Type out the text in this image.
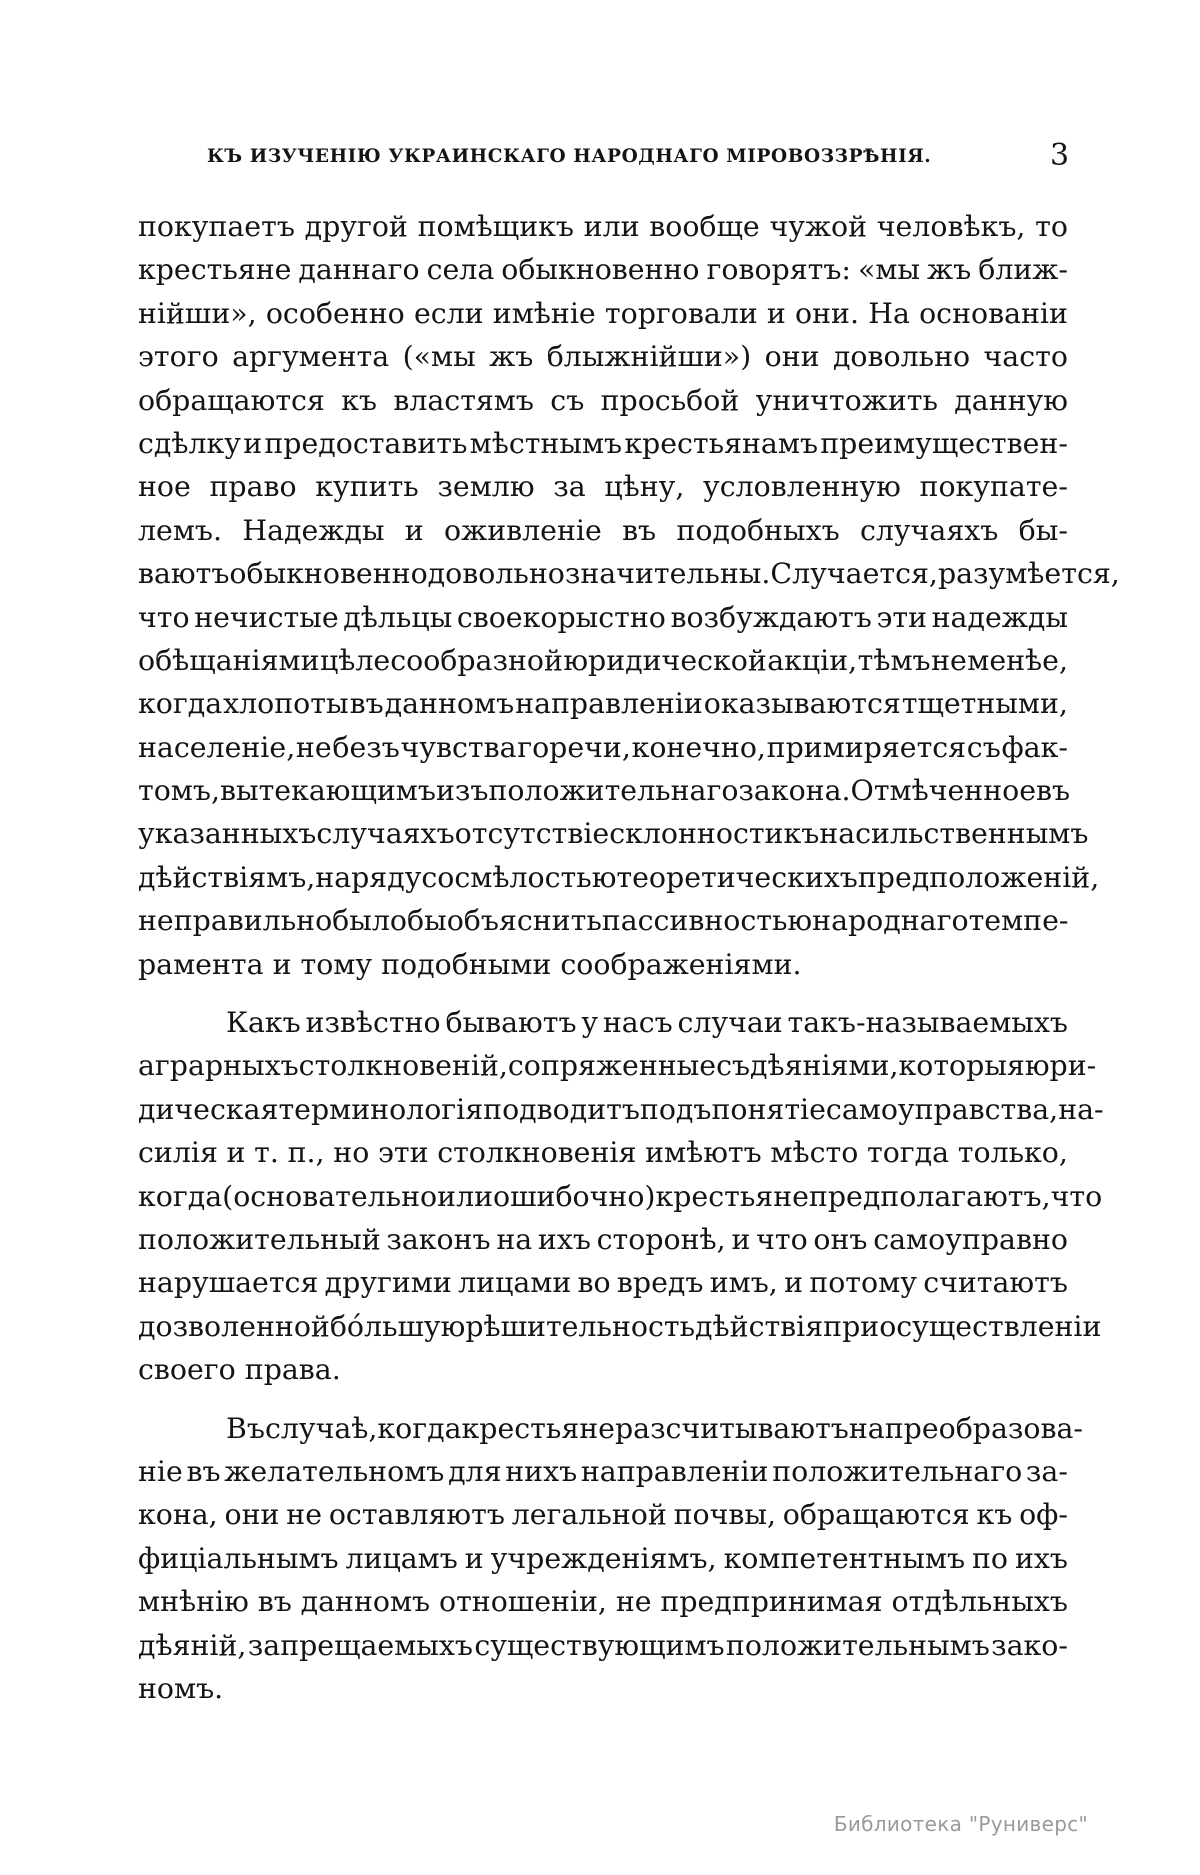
КЪ ИЗУЧЕНІЮ УКРАИНСКАГО НАРОДНАГО МІРОВОЗЗРѢНІЯ.	3
покупаетъ другой помѣщикъ или вообще чужой человѣкъ, то
крестьяне даннаго села обыкновенно говорятъ: «мы жъ ближ-
нійши», особенно если имѣніе торговали и они. На основаніи
этого аргумента («мы жъ блыжнійши») они довольно часто
обращаются къ властямъ съ просьбой уничтожить данную
сдѣлку и предоставить мѣстнымъ крестьянамъ преимуществен-
ное право купить землю за цѣну, условленную покупате-
лемъ. Надежды и оживленіе въ подобныхъ случаяхъ бы-
ваютъ обыкновенно довольно значительны. Случается, разумѣется,
что нечистые дѣльцы своекорыстно возбуждаютъ эти надежды
обѣщаніями цѣлесообразной юридической акціи, тѣмъ не менѣе,
когда хлопоты въ данномъ направленіи оказываются тщетными,
населеніе, не безъ чувства горечи, конечно, примиряется съ фак-
томъ, вытекающимъ изъ положительнаго закона. Отмѣченное въ
указанныхъ случаяхъ отсутствіе склонности къ насильственнымъ
дѣйствіямъ, наряду со смѣлостью теоретическихъ предположеній,
неправильно было бы объяснить пассивностью народнаго темпе-
рамента и тому подобными соображеніями.
Какъ извѣстно бываютъ у насъ случаи такъ-называемыхъ
аграрныхъ столкновеній, сопряженные съ дѣяніями, которыя юри-
дическая терминологія подводитъ подъ понятіе самоуправства, на-
силія и т. п., но эти столкновенія имѣютъ мѣсто тогда только,
когда (основательно или ошибочно) крестьяне предполагаютъ, что
положительный законъ на ихъ сторонѣ, и что онъ самоуправно
нарушается другими лицами во вредъ имъ, и потому считаютъ
дозволенной бо́льшую рѣшительность дѣйствія при осуществленіи
своего права.
Въ случаѣ, когда крестьяне разсчитываютъ на преобразова-
ніе въ желательномъ для нихъ направленіи положительнаго за-
кона, они не оставляютъ легальной почвы, обращаются къ оф-
фиціальнымъ лицамъ и учрежденіямъ, компетентнымъ по ихъ
мнѣнію въ данномъ отношеніи, не предпринимая отдѣльныхъ
дѣяній, запрещаемыхъ существующимъ положительнымъ зако-
номъ.
Библиотека "Руниверс"
